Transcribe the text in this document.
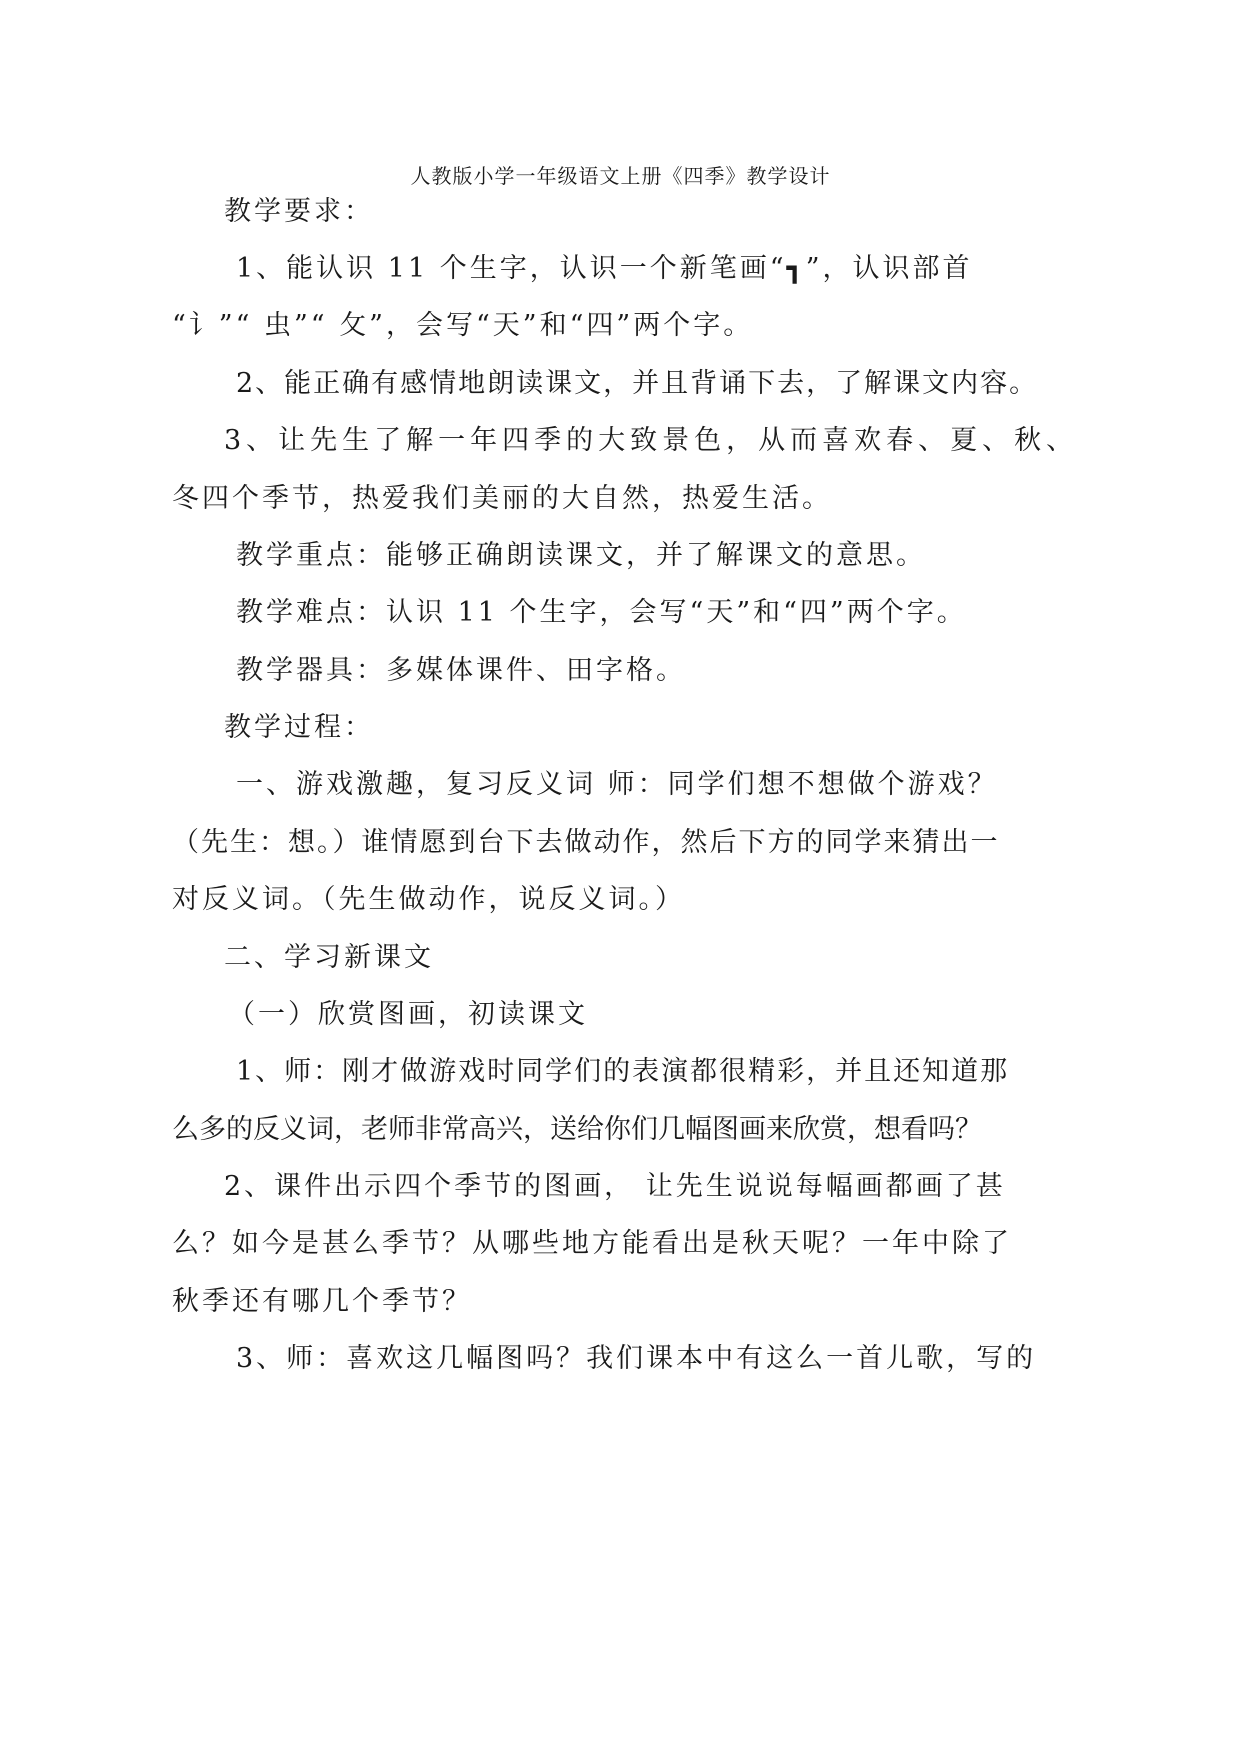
人教版小学一年级语文上册《四季》教学设计
教学要求：
1、能认识 11 个生字，认识一个新笔画“┓”，认识部首
“讠”“ 虫”“ 攵”，会写“天”和“四”两个字。
2、能正确有感情地朗读课文，并且背诵下去，了解课文内容。
3、让先生了解一年四季的大致景色，从而喜欢春、夏、秋、
冬四个季节，热爱我们美丽的大自然，热爱生活。
教学重点：能够正确朗读课文，并了解课文的意思。
教学难点：认识 11 个生字，会写“天”和“四”两个字。
教学器具：多媒体课件、田字格。
教学过程：
一、游戏激趣，复习反义词 师：同学们想不想做个游戏？
（先生：想。）谁情愿到台下去做动作，然后下方的同学来猜出一
对反义词。（先生做动作，说反义词。）
二、学习新课文
（一）欣赏图画，初读课文
1、师：刚才做游戏时同学们的表演都很精彩，并且还知道那
么多的反义词，老师非常高兴，送给你们几幅图画来欣赏，想看吗？
2、课件出示四个季节的图画， 让先生说说每幅画都画了甚
么？如今是甚么季节？从哪些地方能看出是秋天呢？一年中除了
秋季还有哪几个季节？
3、师：喜欢这几幅图吗？我们课本中有这么一首儿歌，写的
